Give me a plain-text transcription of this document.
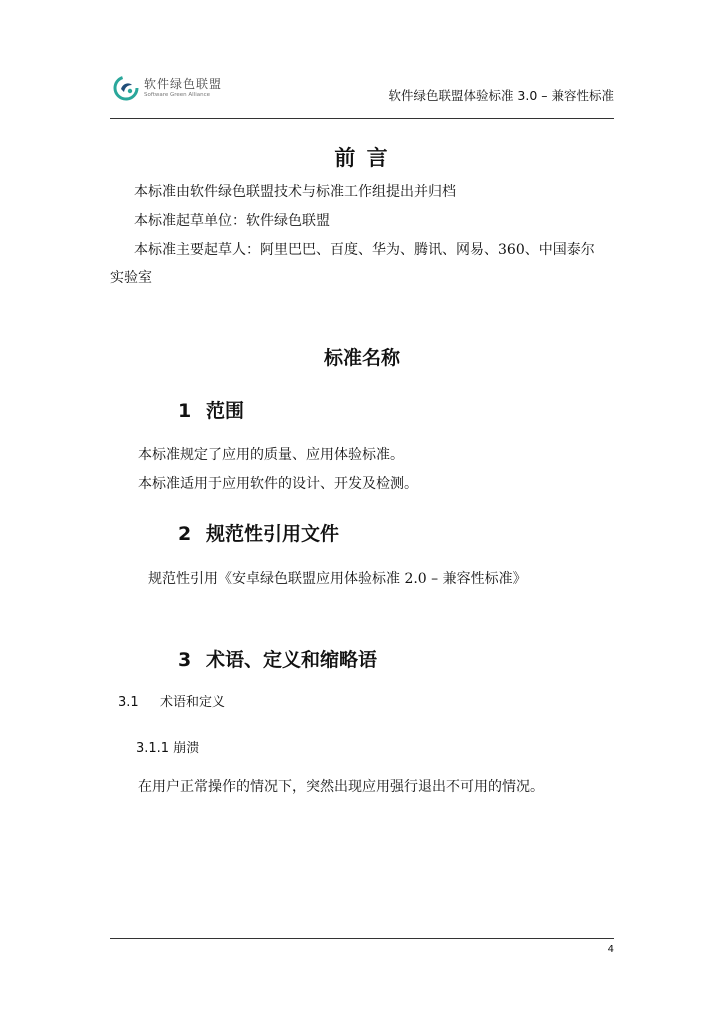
软件绿色联盟
Software Green Alliance	软件绿色联盟体验标准 3.0 – 兼容性标准
前 言
本标准由软件绿色联盟技术与标准工作组提出并归档
本标准起草单位：软件绿色联盟
本标准主要起草人：阿里巴巴、百度、华为、腾讯、网易、360、中国泰尔
实验室
标准名称
1 范围
本标准规定了应用的质量、应用体验标准。
本标准适用于应用软件的设计、开发及检测。
2 规范性引用文件
规范性引用《安卓绿色联盟应用体验标准 2.0 – 兼容性标准》
3 术语、定义和缩略语
3.1 术语和定义
3.1.1 崩溃
在用户正常操作的情况下，突然出现应用强行退出不可用的情况。
4
